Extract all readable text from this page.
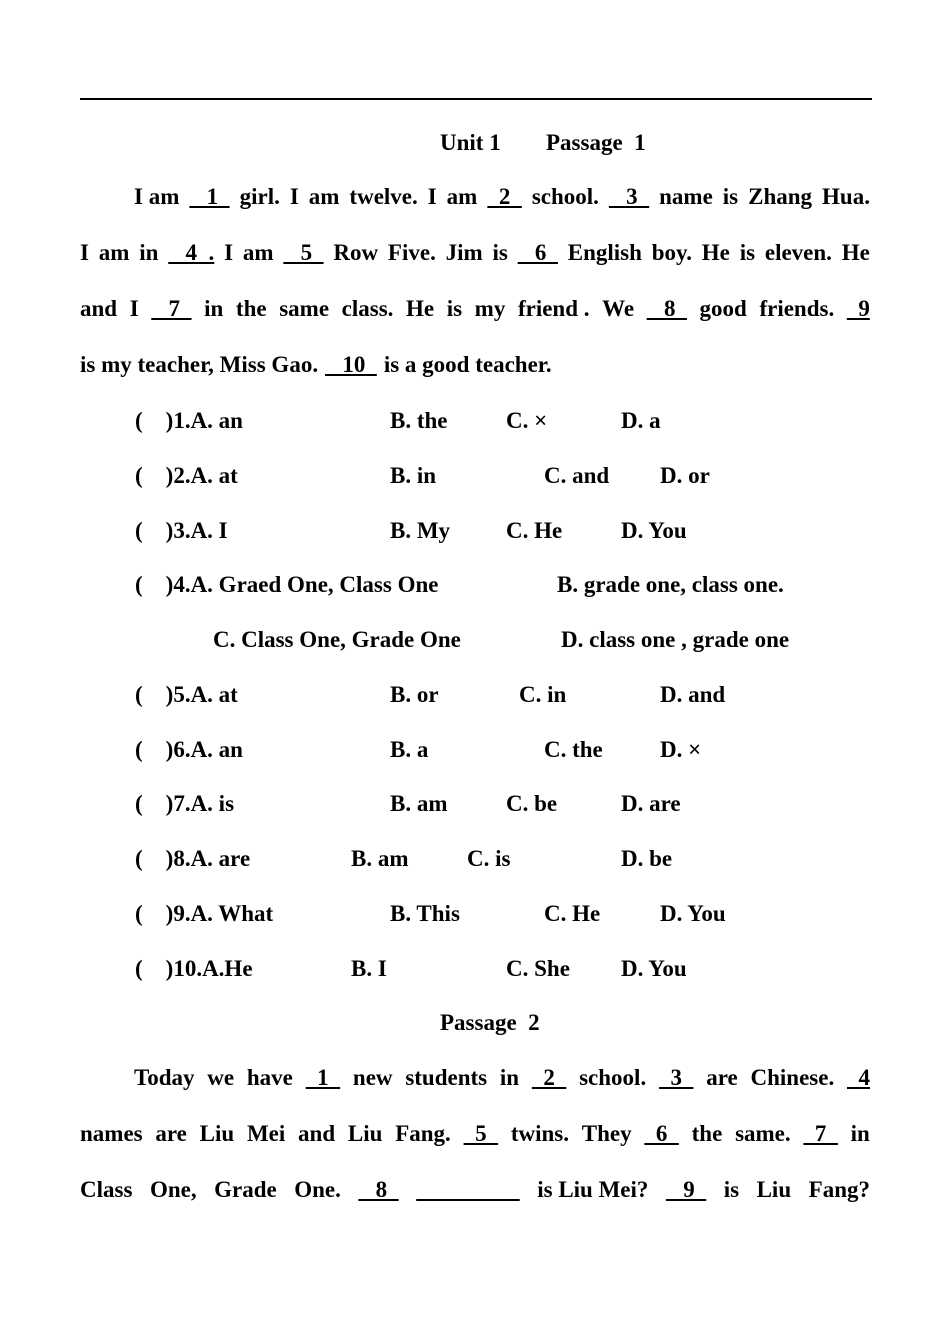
Unit 1 Passage  1
I am  1  girl. I am twelve. I am  2  school.  3  name is Zhang Hua.
I am in  4 . I am  5  Row Five. Jim is  6  English boy. He is eleven. He
and I  7  in the same class. He is my friend . We  8  good friends.  9
is my teacher, Miss Gao.  10  is a good teacher.
(    )1.A. an	B. the	C. ×	D. a
(    )2.A. at	B. in	C. and D. or
(    )3.A. I	B. My C. He	D. You
(    )4.A. Graed One, Class One	B. grade one, class one.
C. Class One, Grade One	D. class one , grade one
(    )5.A. at	B. or	C. in	D. and
(    )6.A. an	B. a	C. the D. ×
(    )7.A. is	B. am	C. be	D. are
(    )8.A. are	B. am	C. is	D. be
(    )9.A. What	B. This	C. He	D. You
(    )10.A.He	B. I	C. She D. You
Passage  2
Today we have  1  new students in  2  school.  3  are Chinese.  4
names are Liu Mei and Liu Fang.  5  twins. They  6  the same.  7  in
Class One, Grade One.  8 
         	is Liu Mei?  9  is Liu Fang?
